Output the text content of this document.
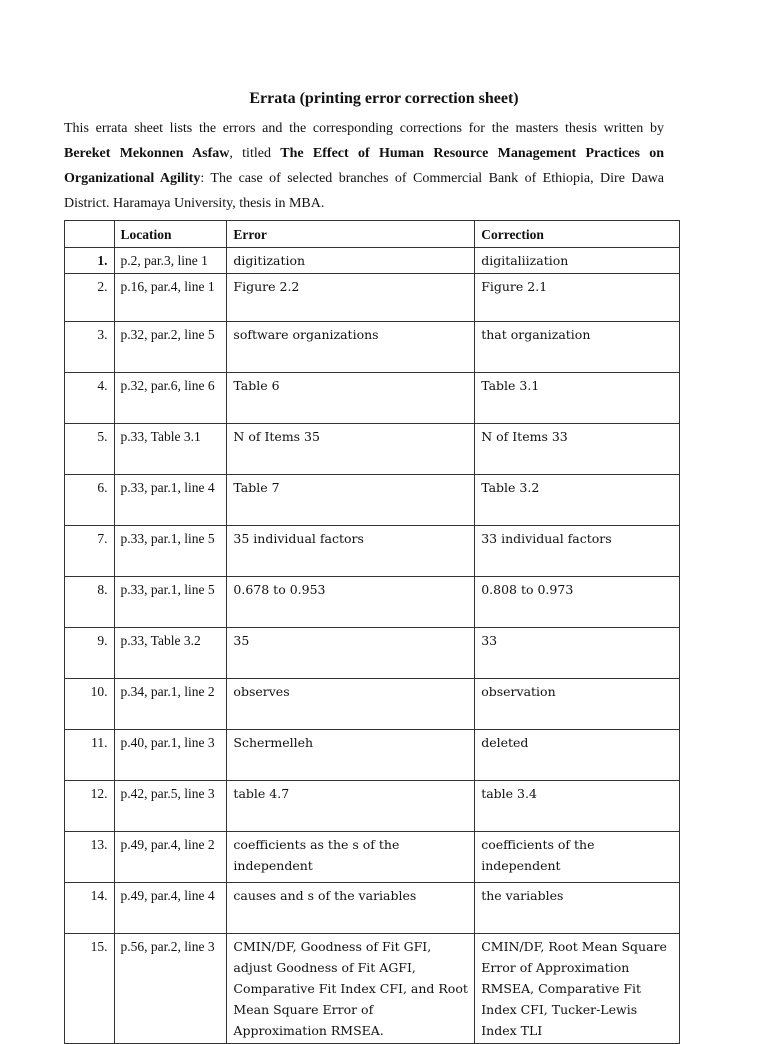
Errata (printing error correction sheet)
This errata sheet lists the errors and the corresponding corrections for the masters thesis written by Bereket Mekonnen Asfaw, titled The Effect of Human Resource Management Practices on Organizational Agility: The case of selected branches of Commercial Bank of Ethiopia, Dire Dawa District. Haramaya University, thesis in MBA.
	Location	Error	Correction
1.	p.2, par.3, line 1	digitization	digitaliization
2.	p.16, par.4, line 1	Figure 2.2	Figure 2.1
3.	p.32, par.2, line 5	software organizations	that organization
4.	p.32, par.6, line 6	Table 6	Table 3.1
5.	p.33, Table 3.1	N of Items 35	N of Items 33
6.	p.33, par.1, line 4	Table 7	Table 3.2
7.	p.33, par.1, line 5	35 individual factors	33 individual factors
8.	p.33, par.1, line 5	0.678 to 0.953	0.808 to 0.973
9.	p.33, Table 3.2	35	33
10.	p.34, par.1, line 2	observes	observation
11.	p.40, par.1, line 3	Schermelleh	deleted
12.	p.42, par.5, line 3	table 4.7	table 3.4
13.	p.49, par.4, line 2	coefficients as the s of the independent	coefficients of the independent
14.	p.49, par.4, line 4	causes and s of the variables	the variables
15.	p.56, par.2, line 3	CMIN/DF, Goodness of Fit GFI, adjust Goodness of Fit AGFI, Comparative Fit Index CFI, and Root Mean Square Error of Approximation RMSEA.	CMIN/DF, Root Mean Square Error of Approximation RMSEA, Comparative Fit Index CFI, Tucker-Lewis Index TLI
